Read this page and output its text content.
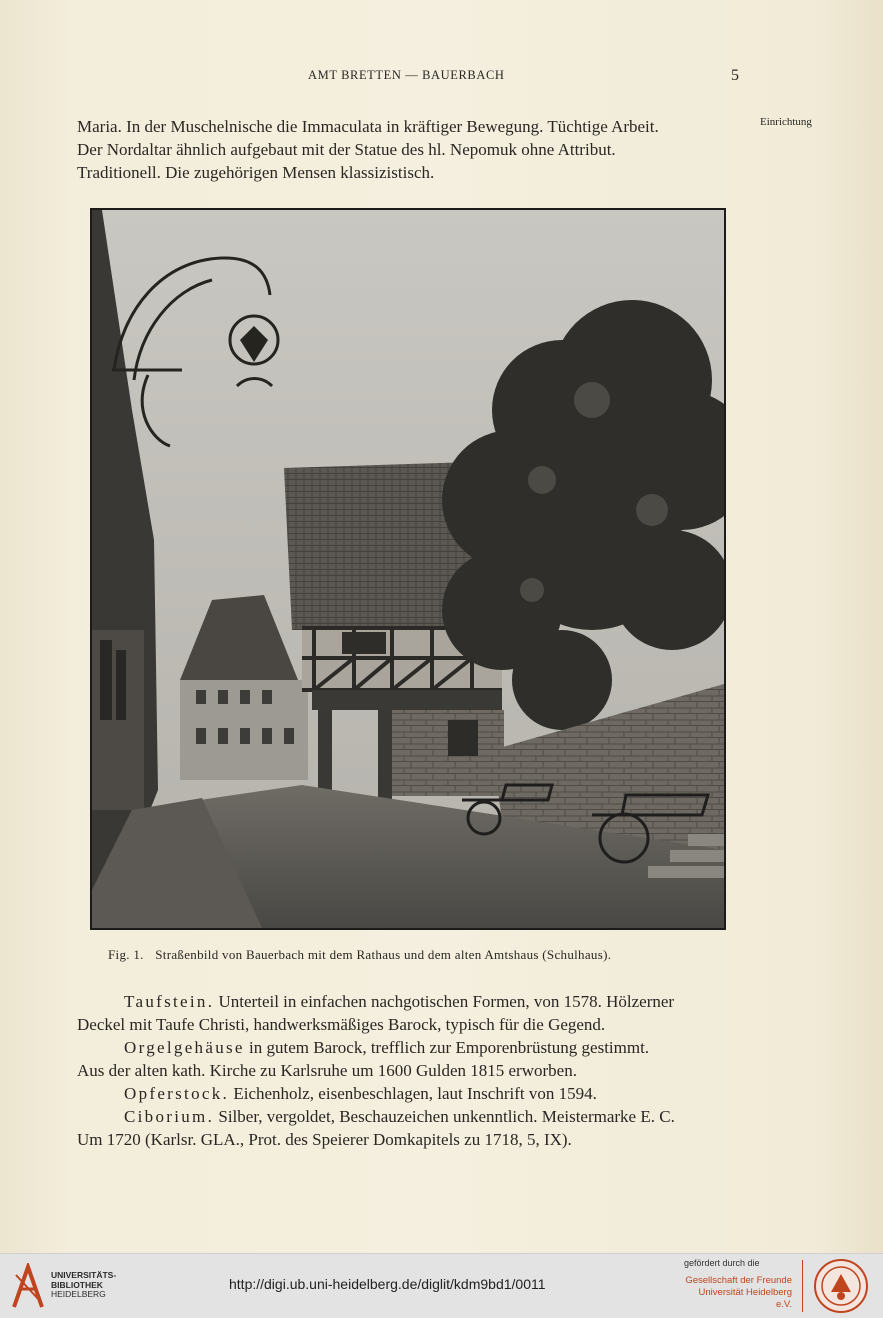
AMT BRETTEN — BAUERBACH	5
Maria. In der Muschelnische die Immaculata in kräftiger Bewegung. Tüchtige Arbeit.
Der Nordaltar ähnlich aufgebaut mit der Statue des hl. Nepomuk ohne Attribut.
Traditionell. Die zugehörigen Mensen klassizistisch.
Einrichtung
Fig. 1. Straßenbild von Bauerbach mit dem Rathaus und dem alten Amtshaus (Schulhaus).
Taufstein. Unterteil in einfachen nachgotischen Formen, von 1578. Hölzerner
Deckel mit Taufe Christi, handwerksmäßiges Barock, typisch für die Gegend.
Orgelgehäuse in gutem Barock, trefflich zur Emporenbrüstung gestimmt.
Aus der alten kath. Kirche zu Karlsruhe um 1600 Gulden 1815 erworben.
Opferstock. Eichenholz, eisenbeschlagen, laut Inschrift von 1594.
Ciborium. Silber, vergoldet, Beschauzeichen unkenntlich. Meistermarke E. C.
Um 1720 (Karlsr. GLA., Prot. des Speierer Domkapitels zu 1718, 5, IX).
UNIVERSITÄTS-
BIBLIOTHEK
HEIDELBERG
http://digi.ub.uni-heidelberg.de/diglit/kdm9bd1/0011
gefördert durch die
Gesellschaft der Freunde
Universität Heidelberg e.V.
